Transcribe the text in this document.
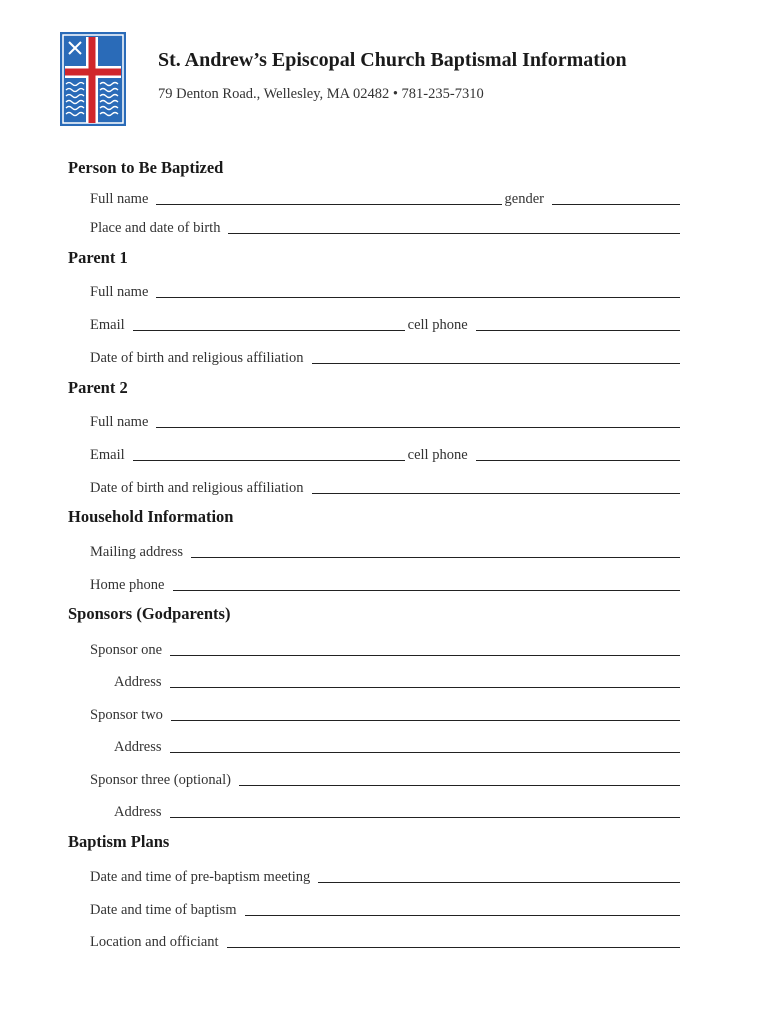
St. Andrew’s Episcopal Church Baptismal Information
79 Denton Road., Wellesley, MA 02482 • 781-235-7310
Person to Be Baptized
Full name	gender
Place and date of birth
Parent 1
Full name
Email	cell phone
Date of birth and religious affiliation
Parent 2
Full name
Email	cell phone
Date of birth and religious affiliation
Household Information
Mailing address
Home phone
Sponsors (Godparents)
Sponsor one
Address
Sponsor two
Address
Sponsor three (optional)
Address
Baptism Plans
Date and time of pre-baptism meeting
Date and time of baptism
Location and officiant
